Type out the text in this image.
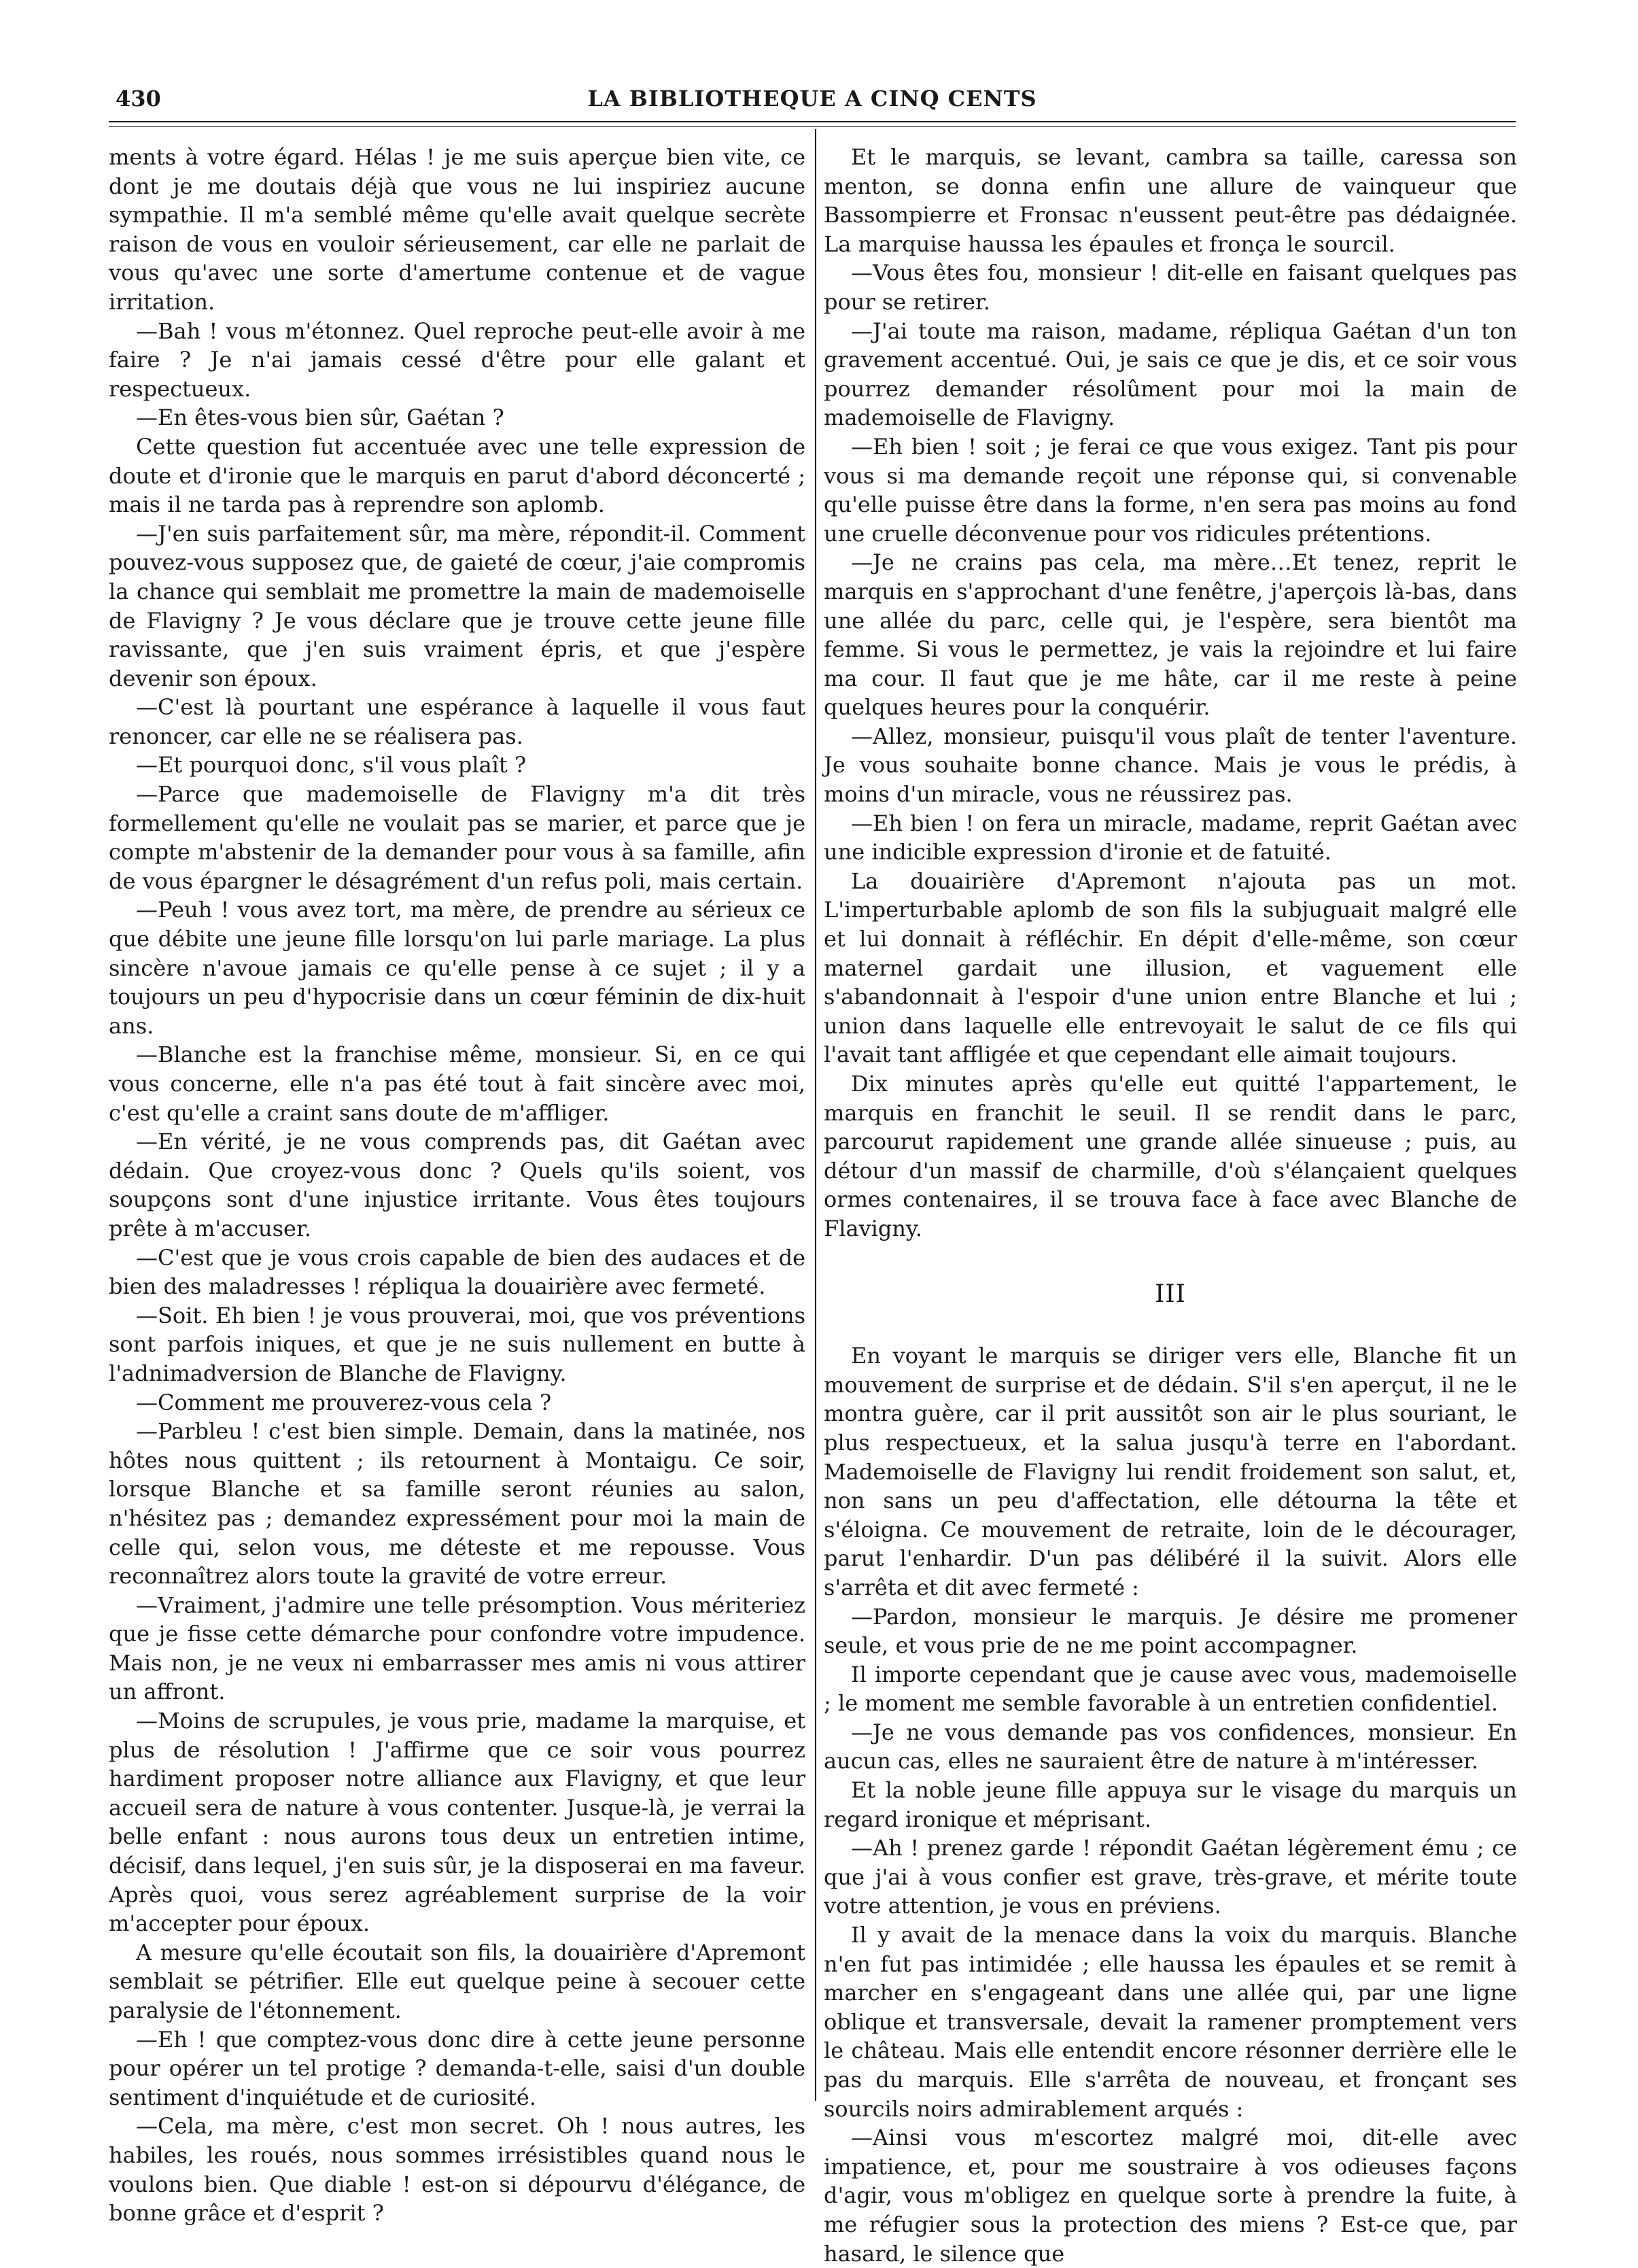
430	LA BIBLIOTHEQUE A CINQ CENTS

ments à votre égard. Hélas ! je me suis aperçue bien vite, ce dont je me doutais déjà que vous ne lui inspiriez aucune sympathie. Il m'a semblé même qu'elle avait quelque secrète raison de vous en vouloir sérieusement, car elle ne parlait de vous qu'avec une sorte d'amertume contenue et de vague irritation.

—Bah ! vous m'étonnez. Quel reproche peut-elle avoir à me faire ? Je n'ai jamais cessé d'être pour elle galant et respectueux.

—En êtes-vous bien sûr, Gaétan ?

Cette question fut accentuée avec une telle expression de doute et d'ironie que le marquis en parut d'abord déconcerté ; mais il ne tarda pas à reprendre son aplomb.

—J'en suis parfaitement sûr, ma mère, répondit-il. Comment pouvez-vous supposez que, de gaieté de cœur, j'aie compromis la chance qui semblait me promettre la main de mademoiselle de Flavigny ? Je vous déclare que je trouve cette jeune fille ravissante, que j'en suis vraiment épris, et que j'espère devenir son époux.

—C'est là pourtant une espérance à laquelle il vous faut renoncer, car elle ne se réalisera pas.

—Et pourquoi donc, s'il vous plaît ?

—Parce que mademoiselle de Flavigny m'a dit très formellement qu'elle ne voulait pas se marier, et parce que je compte m'abstenir de la demander pour vous à sa famille, afin de vous épargner le désagrément d'un refus poli, mais certain.

—Peuh ! vous avez tort, ma mère, de prendre au sérieux ce que débite une jeune fille lorsqu'on lui parle mariage. La plus sincère n'avoue jamais ce qu'elle pense à ce sujet ; il y a toujours un peu d'hypocrisie dans un cœur féminin de dix-huit ans.

—Blanche est la franchise même, monsieur. Si, en ce qui vous concerne, elle n'a pas été tout à fait sincère avec moi, c'est qu'elle a craint sans doute de m'affliger.

—En vérité, je ne vous comprends pas, dit Gaétan avec dédain. Que croyez-vous donc ? Quels qu'ils soient, vos soupçons sont d'une injustice irritante. Vous êtes toujours prête à m'accuser.

—C'est que je vous crois capable de bien des audaces et de bien des maladresses ! répliqua la douairière avec fermeté.

—Soit. Eh bien ! je vous prouverai, moi, que vos préventions sont parfois iniques, et que je ne suis nullement en butte à l'adnimadversion de Blanche de Flavigny.

—Comment me prouverez-vous cela ?

—Parbleu ! c'est bien simple. Demain, dans la matinée, nos hôtes nous quittent ; ils retournent à Montaigu. Ce soir, lorsque Blanche et sa famille seront réunies au salon, n'hésitez pas ; demandez expressément pour moi la main de celle qui, selon vous, me déteste et me repousse. Vous reconnaîtrez alors toute la gravité de votre erreur.

—Vraiment, j'admire une telle présomption. Vous mériteriez que je fisse cette démarche pour confondre votre impudence. Mais non, je ne veux ni embarrasser mes amis ni vous attirer un affront.

—Moins de scrupules, je vous prie, madame la marquise, et plus de résolution ! J'affirme que ce soir vous pourrez hardiment proposer notre alliance aux Flavigny, et que leur accueil sera de nature à vous contenter. Jusque-là, je verrai la belle enfant : nous aurons tous deux un entretien intime, décisif, dans lequel, j'en suis sûr, je la disposerai en ma faveur. Après quoi, vous serez agréablement surprise de la voir m'accepter pour époux.

A mesure qu'elle écoutait son fils, la douairière d'Apremont semblait se pétrifier. Elle eut quelque peine à secouer cette paralysie de l'étonnement.

—Eh ! que comptez-vous donc dire à cette jeune personne pour opérer un tel protige ? demanda-t-elle, saisi d'un double sentiment d'inquiétude et de curiosité.

—Cela, ma mère, c'est mon secret. Oh ! nous autres, les habiles, les roués, nous sommes irrésistibles quand nous le voulons bien. Que diable ! est-on si dépourvu d'élégance, de bonne grâce et d'esprit ?

Et le marquis, se levant, cambra sa taille, caressa son menton, se donna enfin une allure de vainqueur que Bassompierre et Fronsac n'eussent peut-être pas dédaignée. La marquise haussa les épaules et fronça le sourcil.

—Vous êtes fou, monsieur ! dit-elle en faisant quelques pas pour se retirer.

—J'ai toute ma raison, madame, répliqua Gaétan d'un ton gravement accentué. Oui, je sais ce que je dis, et ce soir vous pourrez demander résolûment pour moi la main de mademoiselle de Flavigny.

—Eh bien ! soit ; je ferai ce que vous exigez. Tant pis pour vous si ma demande reçoit une réponse qui, si convenable qu'elle puisse être dans la forme, n'en sera pas moins au fond une cruelle déconvenue pour vos ridicules prétentions.

—Je ne crains pas cela, ma mère…Et tenez, reprit le marquis en s'approchant d'une fenêtre, j'aperçois là-bas, dans une allée du parc, celle qui, je l'espère, sera bientôt ma femme. Si vous le permettez, je vais la rejoindre et lui faire ma cour. Il faut que je me hâte, car il me reste à peine quelques heures pour la conquérir.

—Allez, monsieur, puisqu'il vous plaît de tenter l'aventure. Je vous souhaite bonne chance. Mais je vous le prédis, à moins d'un miracle, vous ne réussirez pas.

—Eh bien ! on fera un miracle, madame, reprit Gaétan avec une indicible expression d'ironie et de fatuité.

La douairière d'Apremont n'ajouta pas un mot. L'imperturbable aplomb de son fils la subjuguait malgré elle et lui donnait à réfléchir. En dépit d'elle-même, son cœur maternel gardait une illusion, et vaguement elle s'abandonnait à l'espoir d'une union entre Blanche et lui ; union dans laquelle elle entrevoyait le salut de ce fils qui l'avait tant affligée et que cependant elle aimait toujours.

Dix minutes après qu'elle eut quitté l'appartement, le marquis en franchit le seuil. Il se rendit dans le parc, parcourut rapidement une grande allée sinueuse ; puis, au détour d'un massif de charmille, d'où s'élançaient quelques ormes contenaires, il se trouva face à face avec Blanche de Flavigny.

III

En voyant le marquis se diriger vers elle, Blanche fit un mouvement de surprise et de dédain. S'il s'en aperçut, il ne le montra guère, car il prit aussitôt son air le plus souriant, le plus respectueux, et la salua jusqu'à terre en l'abordant. Mademoiselle de Flavigny lui rendit froidement son salut, et, non sans un peu d'affectation, elle détourna la tête et s'éloigna. Ce mouvement de retraite, loin de le décourager, parut l'enhardir. D'un pas délibéré il la suivit. Alors elle s'arrêta et dit avec fermeté :

—Pardon, monsieur le marquis. Je désire me promener seule, et vous prie de ne me point accompagner.

Il importe cependant que je cause avec vous, mademoiselle ; le moment me semble favorable à un entretien confidentiel.

—Je ne vous demande pas vos confidences, monsieur. En aucun cas, elles ne sauraient être de nature à m'intéresser.

Et la noble jeune fille appuya sur le visage du marquis un regard ironique et méprisant.

—Ah ! prenez garde ! répondit Gaétan légèrement ému ; ce que j'ai à vous confier est grave, très-grave, et mérite toute votre attention, je vous en préviens.

Il y avait de la menace dans la voix du marquis. Blanche n'en fut pas intimidée ; elle haussa les épaules et se remit à marcher en s'engageant dans une allée qui, par une ligne oblique et transversale, devait la ramener promptement vers le château. Mais elle entendit encore résonner derrière elle le pas du marquis. Elle s'arrêta de nouveau, et fronçant ses sourcils noirs admirablement arqués :

—Ainsi vous m'escortez malgré moi, dit-elle avec impatience, et, pour me soustraire à vos odieuses façons d'agir, vous m'obligez en quelque sorte à prendre la fuite, à me réfugier sous la protection des miens ? Est-ce que, par hasard, le silence que
